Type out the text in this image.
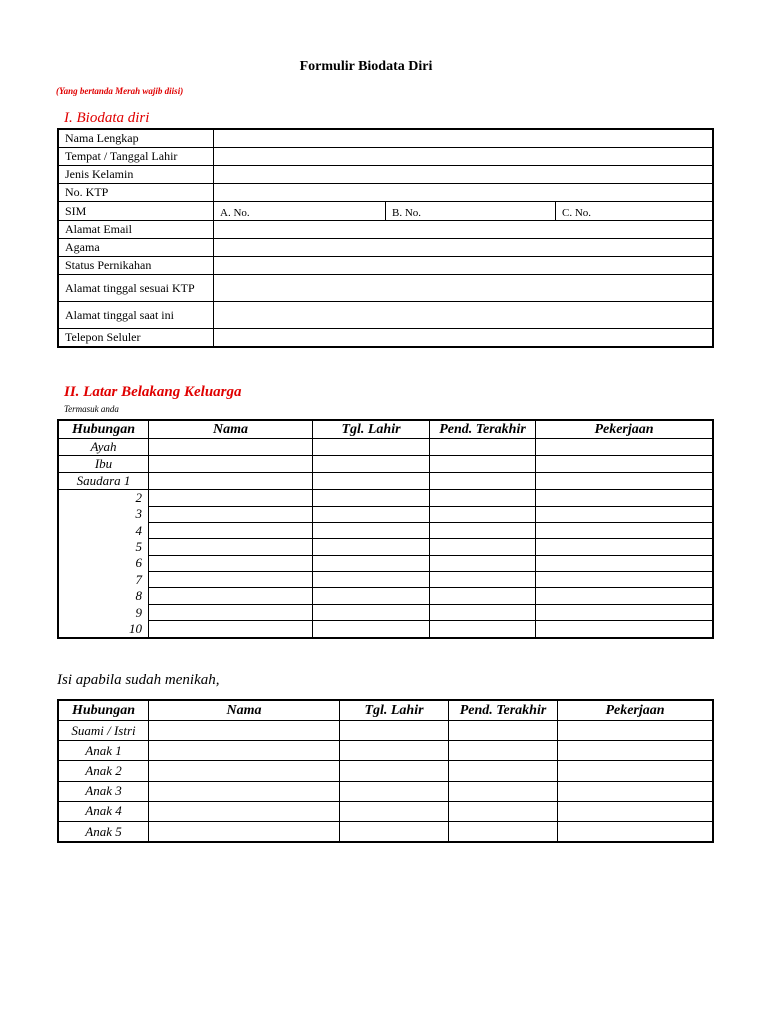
Formulir Biodata Diri
(Yang bertanda Merah wajib diisi)
I. Biodata diri
Nama Lengkap			
Tempat / Tanggal Lahir			
Jenis Kelamin			
No. KTP			
SIM	A. No.	B. No.	C. No.
Alamat Email			
Agama			
Status Pernikahan			
Alamat tinggal sesuai KTP			
Alamat tinggal saat ini			
Telepon Seluler			
II. Latar Belakang Keluarga
Termasuk anda
Hubungan	Nama	Tgl. Lahir	Pend. Terakhir	Pekerjaan
Ayah				
Ibu				
Saudara 1				
2				
3				
4				
5				
6				
7				
8				
9				
10				
Isi apabila sudah menikah,
Hubungan	Nama	Tgl. Lahir	Pend. Terakhir	Pekerjaan
Suami / Istri				
Anak 1				
Anak 2				
Anak 3				
Anak 4				
Anak 5				
